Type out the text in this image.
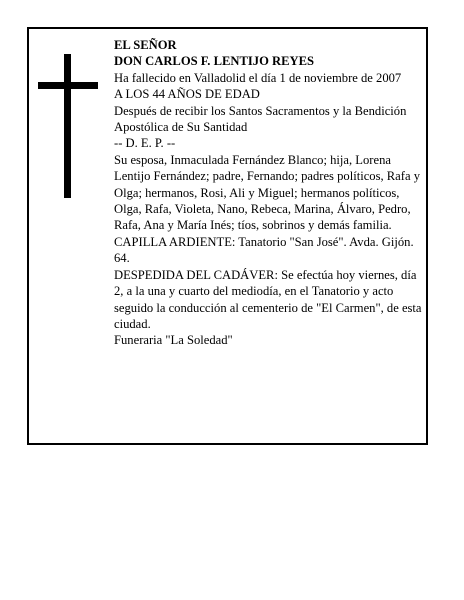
EL SEÑOR

DON CARLOS F. LENTIJO REYES

Ha fallecido en Valladolid el día 1 de noviembre de 2007

A LOS 44 AÑOS DE EDAD

Después de recibir los Santos Sacramentos y la Bendición Apostólica de Su Santidad

-- D. E. P. --

Su esposa, Inmaculada Fernández Blanco; hija, Lorena Lentijo Fernández; padre, Fernando; padres políticos, Rafa y Olga; hermanos, Rosi, Ali y Miguel; hermanos políticos, Olga, Rafa, Violeta, Nano, Rebeca, Marina, Álvaro, Pedro, Rafa, Ana y María Inés; tíos, sobrinos y demás familia.

CAPILLA ARDIENTE: Tanatorio "San José". Avda. Gijón. 64.

DESPEDIDA DEL CADÁVER: Se efectúa hoy viernes, día 2, a la una y cuarto del mediodía, en el Tanatorio y acto seguido la conducción al cementerio de "El Carmen", de esta ciudad.

Funeraria "La Soledad"
